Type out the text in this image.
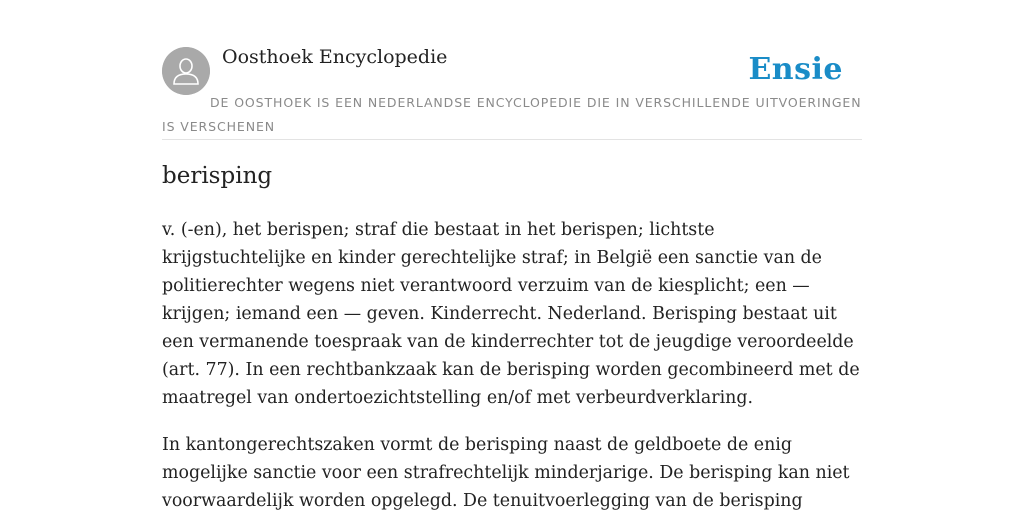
Oosthoek Encyclopedie	Ensie
DE OOSTHOEK IS EEN NEDERLANDSE ENCYCLOPEDIE DIE IN VERSCHILLENDE UITVOERINGEN IS VERSCHENEN
berisping

v. (-en), het berispen; straf die bestaat in het berispen; lichtste krijgstuchtelijke en kinder gerechtelijke straf; in België een sanctie van de politierechter wegens niet verantwoord verzuim van de kiesplicht; een — krijgen; iemand een — geven. Kinderrecht. Nederland. Berisping bestaat uit een vermanende toespraak van de kinderrechter tot de jeugdige veroordeelde (art. 77). In een rechtbankzaak kan de berisping worden gecombineerd met de maatregel van ondertoezichtstelling en/of met verbeurdverklaring.

In kantongerechtszaken vormt de berisping naast de geldboete de enig mogelijke sanctie voor een strafrechtelijk minderjarige. De berisping kan niet voorwaardelijk worden opgelegd. De tenuitvoerlegging van de berisping
